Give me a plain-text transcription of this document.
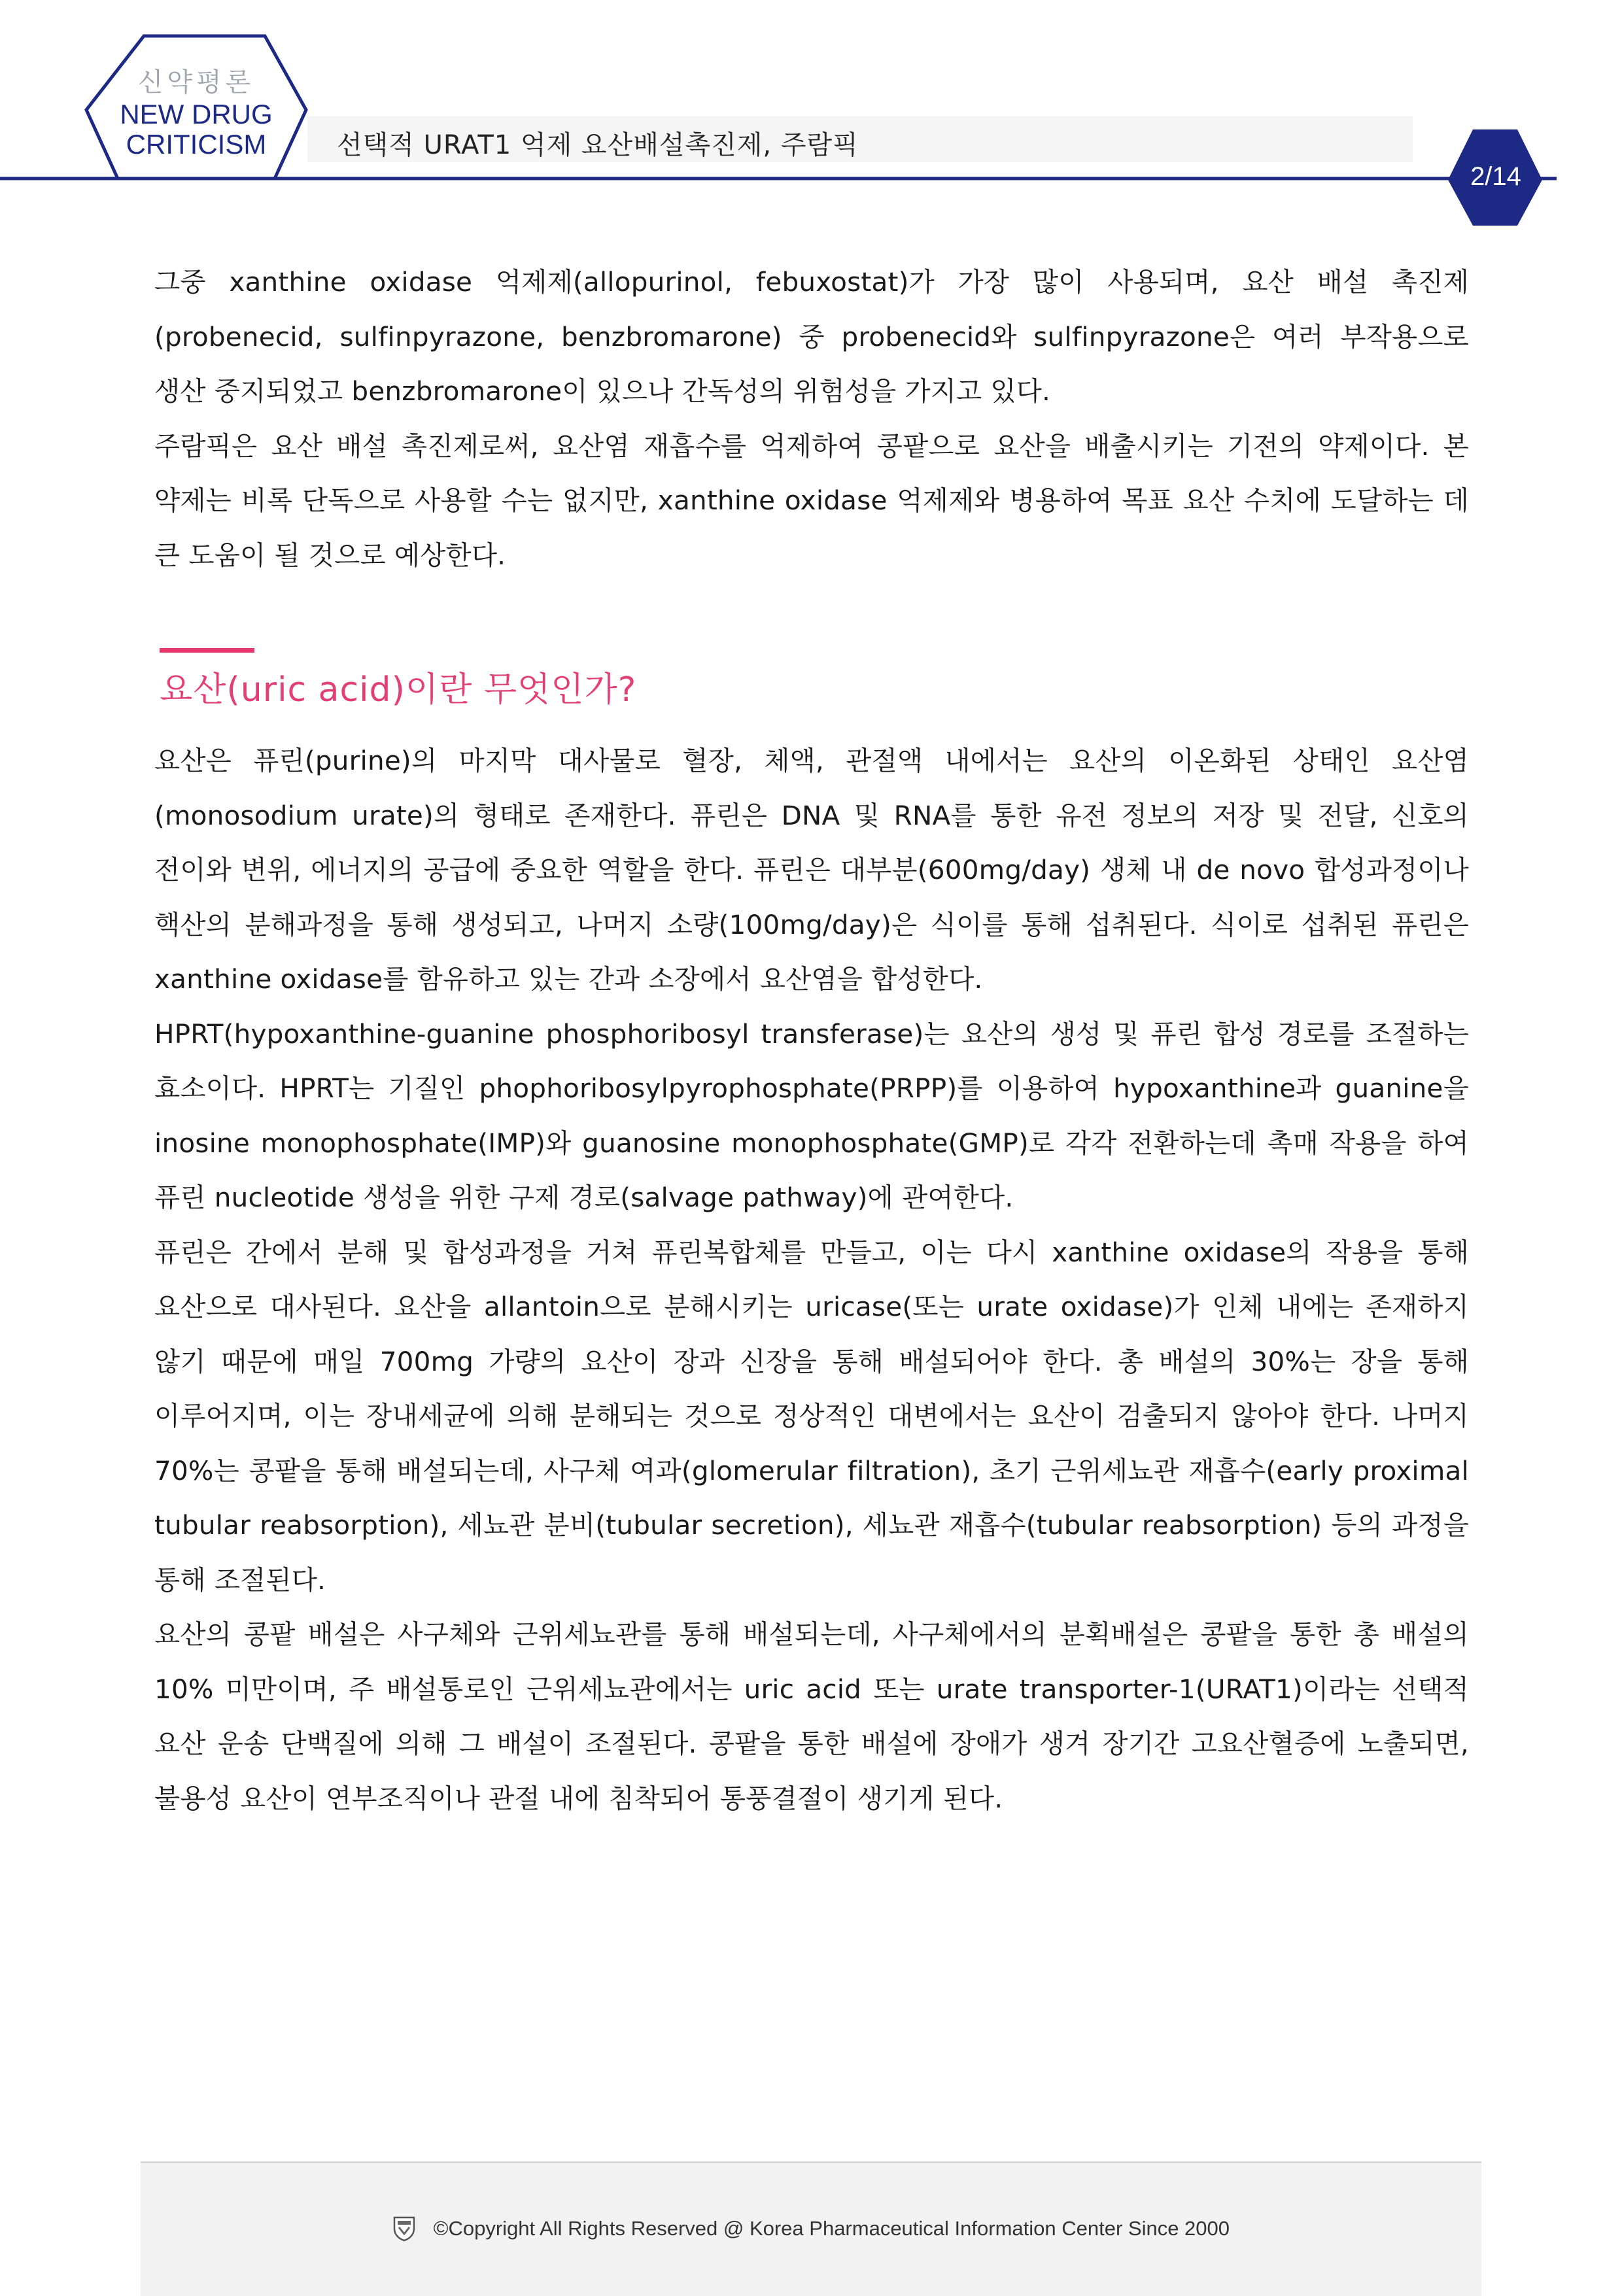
신약평론
NEW DRUG
CRITICISM	선택적 URAT1 억제 요산배설촉진제, 주람픽
2/14

그중 xanthine oxidase 억제제(allopurinol, febuxostat)가 가장 많이 사용되며, 요산 배설 촉진제(probenecid, sulfinpyrazone, benzbromarone) 중 probenecid와 sulfinpyrazone은 여러 부작용으로 생산 중지되었고 benzbromarone이 있으나 간독성의 위험성을 가지고 있다.

주람픽은 요산 배설 촉진제로써, 요산염 재흡수를 억제하여 콩팥으로 요산을 배출시키는 기전의 약제이다. 본 약제는 비록 단독으로 사용할 수는 없지만, xanthine oxidase 억제제와 병용하여 목표 요산 수치에 도달하는 데 큰 도움이 될 것으로 예상한다.

요산(uric acid)이란 무엇인가?

요산은 퓨린(purine)의 마지막 대사물로 혈장, 체액, 관절액 내에서는 요산의 이온화된 상태인 요산염(monosodium urate)의 형태로 존재한다. 퓨린은 DNA 및 RNA를 통한 유전 정보의 저장 및 전달, 신호의 전이와 변위, 에너지의 공급에 중요한 역할을 한다. 퓨린은 대부분(600mg/day) 생체 내 de novo 합성과정이나 핵산의 분해과정을 통해 생성되고, 나머지 소량(100mg/day)은 식이를 통해 섭취된다. 식이로 섭취된 퓨린은 xanthine oxidase를 함유하고 있는 간과 소장에서 요산염을 합성한다.

HPRT(hypoxanthine-guanine phosphoribosyl transferase)는 요산의 생성 및 퓨린 합성 경로를 조절하는 효소이다. HPRT는 기질인 phophoribosylpyrophosphate(PRPP)를 이용하여 hypoxanthine과 guanine을 inosine monophosphate(IMP)와 guanosine monophosphate(GMP)로 각각 전환하는데 촉매 작용을 하여 퓨린 nucleotide 생성을 위한 구제 경로(salvage pathway)에 관여한다.

퓨린은 간에서 분해 및 합성과정을 거쳐 퓨린복합체를 만들고, 이는 다시 xanthine oxidase의 작용을 통해 요산으로 대사된다. 요산을 allantoin으로 분해시키는 uricase(또는 urate oxidase)가 인체 내에는 존재하지 않기 때문에 매일 700mg 가량의 요산이 장과 신장을 통해 배설되어야 한다. 총 배설의 30%는 장을 통해 이루어지며, 이는 장내세균에 의해 분해되는 것으로 정상적인 대변에서는 요산이 검출되지 않아야 한다. 나머지 70%는 콩팥을 통해 배설되는데, 사구체 여과(glomerular filtration), 초기 근위세뇨관 재흡수(early proximal tubular reabsorption), 세뇨관 분비(tubular secretion), 세뇨관 재흡수(tubular reabsorption) 등의 과정을 통해 조절된다.

요산의 콩팥 배설은 사구체와 근위세뇨관를 통해 배설되는데, 사구체에서의 분획배설은 콩팥을 통한 총 배설의 10% 미만이며, 주 배설통로인 근위세뇨관에서는 uric acid 또는 urate transporter-1(URAT1)이라는 선택적 요산 운송 단백질에 의해 그 배설이 조절된다. 콩팥을 통한 배설에 장애가 생겨 장기간 고요산혈증에 노출되면, 불용성 요산이 연부조직이나 관절 내에 침착되어 통풍결절이 생기게 된다.

©Copyright All Rights Reserved @ Korea Pharmaceutical Information Center Since 2000
